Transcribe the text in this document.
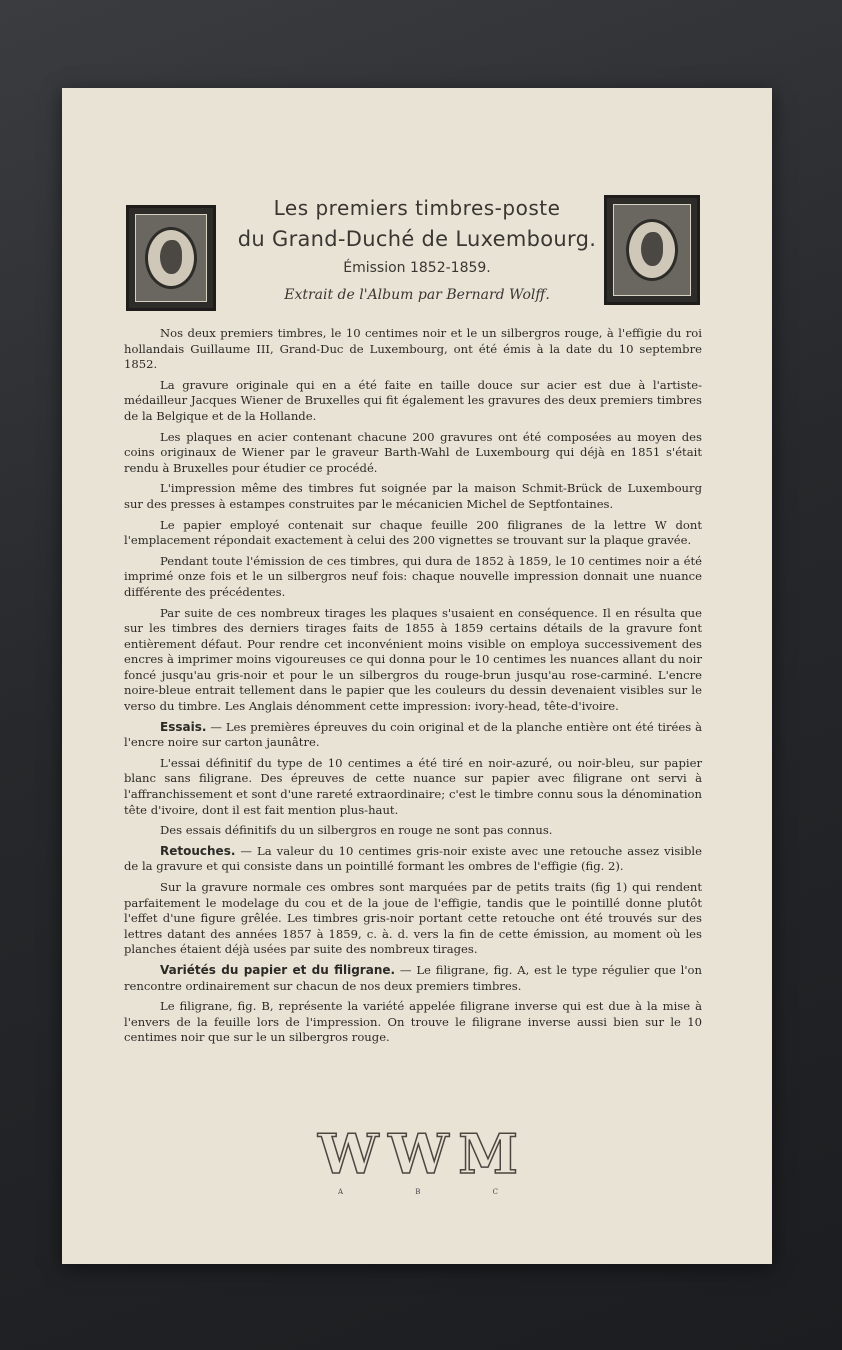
Les premiers timbres-poste
du Grand-Duché de Luxembourg.
Émission 1852-1859.
Extrait de l'Album par Bernard Wolff.

Nos deux premiers timbres, le 10 centimes noir et le un silbergros rouge, à l'effigie du roi hollandais Guillaume III, Grand-Duc de Luxembourg, ont été émis à la date du 10 septembre 1852.

La gravure originale qui en a été faite en taille douce sur acier est due à l'artiste-médailleur Jacques Wiener de Bruxelles qui fit également les gravures des deux premiers timbres de la Belgique et de la Hollande.

Les plaques en acier contenant chacune 200 gravures ont été composées au moyen des coins originaux de Wiener par le graveur Barth-Wahl de Luxembourg qui déjà en 1851 s'était rendu à Bruxelles pour étudier ce procédé.

L'impression même des timbres fut soignée par la maison Schmit-Brück de Luxembourg sur des presses à estampes construites par le mécanicien Michel de Septfontaines.

Le papier employé contenait sur chaque feuille 200 filigranes de la lettre W dont l'emplacement répondait exactement à celui des 200 vignettes se trouvant sur la plaque gravée.

Pendant toute l'émission de ces timbres, qui dura de 1852 à 1859, le 10 centimes noir a été imprimé onze fois et le un silbergros neuf fois: chaque nouvelle impression donnait une nuance différente des précédentes.

Par suite de ces nombreux tirages les plaques s'usaient en conséquence. Il en résulta que sur les timbres des derniers tirages faits de 1855 à 1859 certains détails de la gravure font entièrement défaut. Pour rendre cet inconvénient moins visible on employa successivement des encres à imprimer moins vigoureuses ce qui donna pour le 10 centimes les nuances allant du noir foncé jusqu'au gris-noir et pour le un silbergros du rouge-brun jusqu'au rose-carminé. L'encre noire-bleue entrait tellement dans le papier que les couleurs du dessin devenaient visibles sur le verso du timbre. Les Anglais dénomment cette impression: ivory-head, tête-d'ivoire.

Essais. — Les premières épreuves du coin original et de la planche entière ont été tirées à l'encre noire sur carton jaunâtre.

L'essai définitif du type de 10 centimes a été tiré en noir-azuré, ou noir-bleu, sur papier blanc sans filigrane. Des épreuves de cette nuance sur papier avec filigrane ont servi à l'affranchissement et sont d'une rareté extraordinaire; c'est le timbre connu sous la dénomination tête d'ivoire, dont il est fait mention plus-haut.

Des essais définitifs du un silbergros en rouge ne sont pas connus.

Retouches. — La valeur du 10 centimes gris-noir existe avec une retouche assez visible de la gravure et qui consiste dans un pointillé formant les ombres de l'effigie (fig. 2).

Sur la gravure normale ces ombres sont marquées par de petits traits (fig 1) qui rendent parfaitement le modelage du cou et de la joue de l'effigie, tandis que le pointillé donne plutôt l'effet d'une figure grêlée. Les timbres gris-noir portant cette retouche ont été trouvés sur des lettres datant des années 1857 à 1859, c. à. d. vers la fin de cette émission, au moment où les planches étaient déjà usées par suite des nombreux tirages.

Variétés du papier et du filigrane. — Le filigrane, fig. A, est le type régulier que l'on rencontre ordinairement sur chacun de nos deux premiers timbres.

Le filigrane, fig. B, représente la variété appelée filigrane inverse qui est due à la mise à l'envers de la feuille lors de l'impression. On trouve le filigrane inverse aussi bien sur le 10 centimes noir que sur le un silbergros rouge.

W W M
A	B	C
